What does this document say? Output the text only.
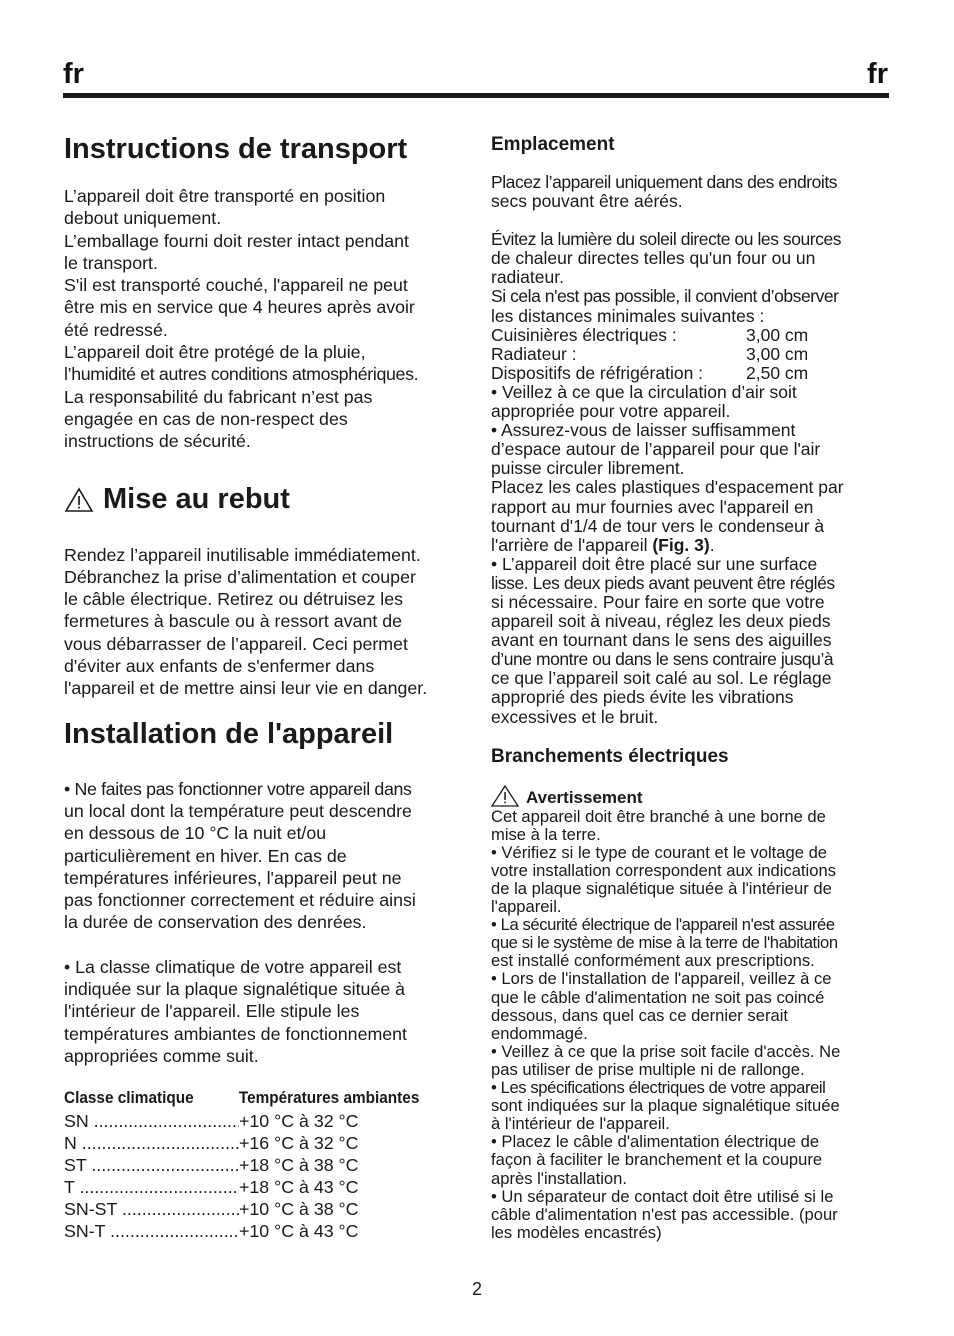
fr	fr
Instructions de transport

L’appareil doit être transporté en position

debout uniquement.

L’emballage fourni doit rester intact pendant

le transport.

S'il est transporté couché, l'appareil ne peut

être mis en service que 4 heures après avoir

été redressé.

L’appareil doit être protégé de la pluie,

l’humidité et autres conditions atmosphériques.

La responsabilité du fabricant n’est pas

engagée en cas de non-respect des

instructions de sécurité.

Mise au rebut

Rendez l’appareil inutilisable immédiatement.

Débranchez la prise d’alimentation et couper

le câble électrique. Retirez ou détruisez les

fermetures à bascule ou à ressort avant de

vous débarrasser de l’appareil. Ceci permet

d'éviter aux enfants de s'enfermer dans

l'appareil et de mettre ainsi leur vie en danger.

Installation de l'appareil

• Ne faites pas fonctionner votre appareil dans

un local dont la température peut descendre

en dessous de 10 °C la nuit et/ou

particulièrement en hiver. En cas de

températures inférieures, l'appareil peut ne

pas fonctionner correctement et réduire ainsi

la durée de conservation des denrées.

• La classe climatique de votre appareil est

indiquée sur la plaque signalétique située à

l'intérieur de l'appareil. Elle stipule les

températures ambiantes de fonctionnement

appropriées comme suit.

Classe climatique	Températures ambiantes
SN .....	+10 °C à 32 °C
N .....	+16 °C à 32 °C
ST .....	+18 °C à 38 °C
T .....	+18 °C à 43 °C
SN-ST .....	+10 °C à 38 °C
SN-T .....	+10 °C à 43 °C
Emplacement

Placez l’appareil uniquement dans des endroits

secs pouvant être aérés.

Évitez la lumière du soleil directe ou les sources

de chaleur directes telles qu'un four ou un

radiateur.

Si cela n'est pas possible, il convient d’observer

les distances minimales suivantes :

Cuisinières électriques :	3,00 cm
Radiateur :	3,00 cm
Dispositifs de réfrigération :	2,50 cm

• Veillez à ce que la circulation d’air soit

appropriée pour votre appareil.

• Assurez-vous de laisser suffisamment

d’espace autour de l’appareil pour que l'air

puisse circuler librement.

Placez les cales plastiques d'espacement par

rapport au mur fournies avec l'appareil en

tournant d'1/4 de tour vers le condenseur à

l'arrière de l'appareil (Fig. 3).

• L’appareil doit être placé sur une surface

lisse. Les deux pieds avant peuvent être réglés

si nécessaire. Pour faire en sorte que votre

appareil soit à niveau, réglez les deux pieds

avant en tournant dans le sens des aiguilles

d’une montre ou dans le sens contraire jusqu’à

ce que l’appareil soit calé au sol. Le réglage

approprié des pieds évite les vibrations

excessives et le bruit.

Branchements électriques
Avertissement

Cet appareil doit être branché à une borne de

mise à la terre.

• Vérifiez si le type de courant et le voltage de

votre installation correspondent aux indications

de la plaque signalétique située à l'intérieur de

l'appareil.

• La sécurité électrique de l'appareil n'est assurée

que si le système de mise à la terre de l'habitation

est installé conformément aux prescriptions.

• Lors de l'installation de l'appareil, veillez à ce

que le câble d'alimentation ne soit pas coincé

dessous, dans quel cas ce dernier serait

endommagé.

• Veillez à ce que la prise soit facile d'accès. Ne

pas utiliser de prise multiple ni de rallonge.

• Les spécifications électriques de votre appareil

sont indiquées sur la plaque signalétique située

à l'intérieur de l'appareil.

• Placez le câble d'alimentation électrique de

façon à faciliter le branchement et la coupure

après l'installation.

• Un séparateur de contact doit être utilisé si le

câble d'alimentation n'est pas accessible. (pour

les modèles encastrés)

2
